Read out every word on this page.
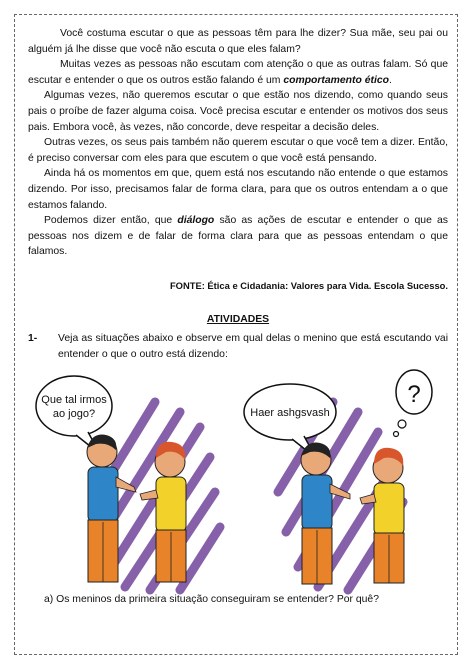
Você costuma escutar o que as pessoas têm para lhe dizer? Sua mãe, seu pai ou alguém já lhe disse que você não escuta o que eles falam?

Muitas vezes as pessoas não escutam com atenção o que as outras falam. Só que escutar e entender o que os outros estão falando é um comportamento ético.

Algumas vezes, não queremos escutar o que estão nos dizendo, como quando seus pais o proíbe de fazer alguma coisa. Você precisa escutar e entender os motivos dos seus pais. Embora você, às vezes, não concorde, deve respeitar a decisão deles.

Outras vezes, os seus pais também não querem escutar o que você tem a dizer. Então, é preciso conversar com eles para que escutem o que você está pensando.

Ainda há os momentos em que, quem está nos escutando não entende o que estamos dizendo. Por isso, precisamos falar de forma clara, para que os outros entendam a o que estamos falando.

Podemos dizer então, que diálogo são as ações de escutar e entender o que as pessoas nos dizem e de falar de forma clara para que as pessoas entendam o que falamos.

FONTE: Ética e Cidadania: Valores para Vida. Escola Sucesso.

ATIVIDADES

1-	Veja as situações abaixo e observe em qual delas o menino que está escutando vai entender o que o outro está dizendo:

Que tal irmos
ao jogo?	Haer ashgsvash
?
a) Os meninos da primeira situação conseguiram se entender? Por quê?
